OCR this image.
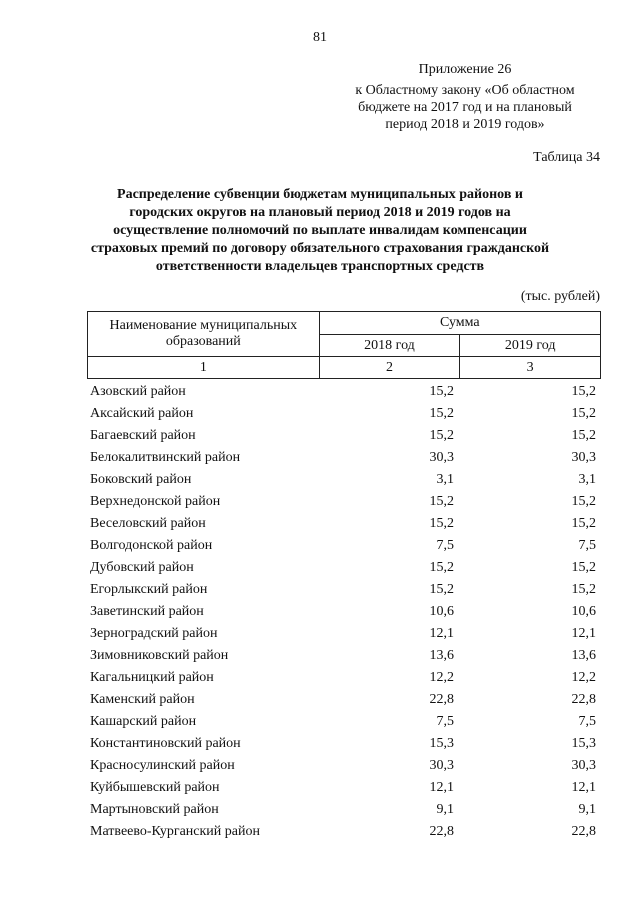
81
Приложение 26
к Областному закону «Об областном
бюджете на 2017 год и на плановый
период 2018 и 2019 годов»
Таблица 34
Распределение субвенции бюджетам муниципальных районов и
городских округов на плановый период 2018 и 2019 годов на
осуществление полномочий по выплате инвалидам компенсации
страховых премий по договору обязательного страхования гражданской
ответственности владельцев транспортных средств
(тыс. рублей)
Наименование муниципальных образований	Сумма	
	2018 год	2019 год
1	2	3
Азовский район	15,2	15,2
Аксайский район	15,2	15,2
Багаевский район	15,2	15,2
Белокалитвинский район	30,3	30,3
Боковский район	3,1	3,1
Верхнедонской район	15,2	15,2
Веселовский район	15,2	15,2
Волгодонской район	7,5	7,5
Дубовский район	15,2	15,2
Егорлыкский район	15,2	15,2
Заветинский район	10,6	10,6
Зерноградский район	12,1	12,1
Зимовниковский район	13,6	13,6
Кагальницкий район	12,2	12,2
Каменский район	22,8	22,8
Кашарский район	7,5	7,5
Константиновский район	15,3	15,3
Красносулинский район	30,3	30,3
Куйбышевский район	12,1	12,1
Мартыновский район	9,1	9,1
Матвеево-Курганский район	22,8	22,8
